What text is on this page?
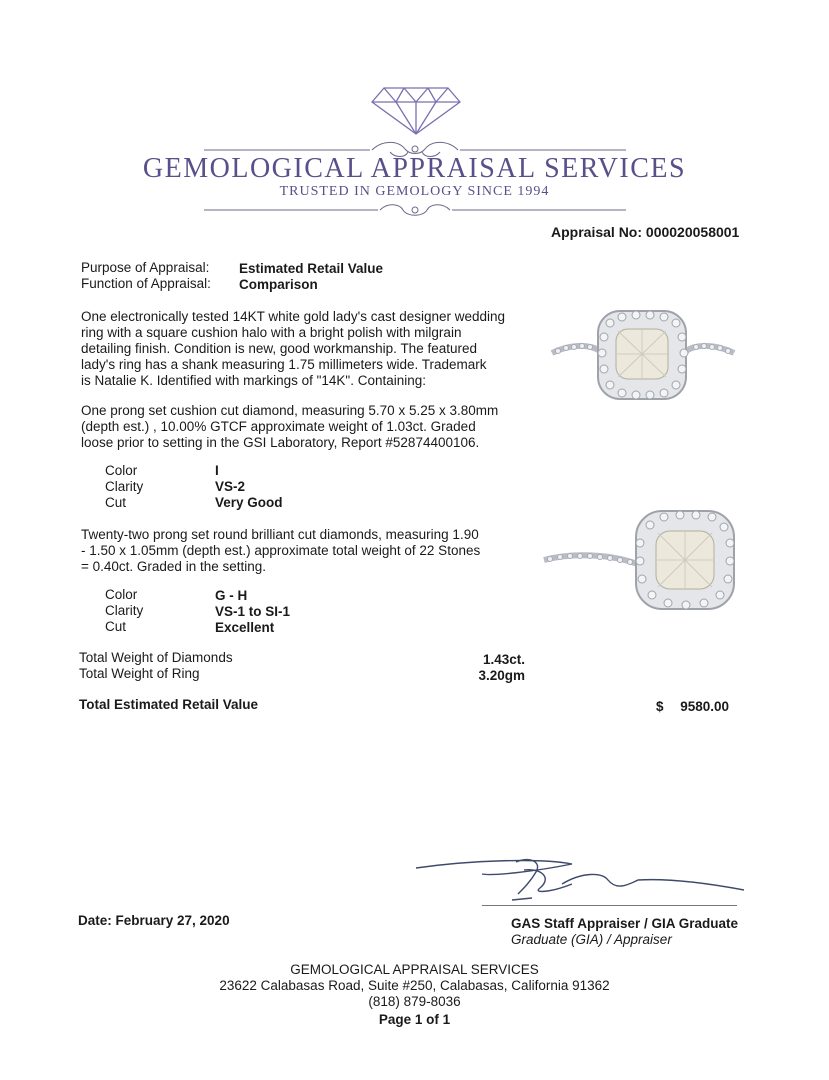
GEMOLOGICAL APPRAISAL SERVICES
TRUSTED IN GEMOLOGY SINCE 1994
Appraisal No: 000020058001
Purpose of Appraisal: Estimated Retail Value
Function of Appraisal: Comparison
One electronically tested 14KT white gold lady's cast designer wedding
ring with a square cushion halo with a bright polish with milgrain
detailing finish. Condition is new, good workmanship. The featured
lady's ring has a shank measuring 1.75 millimeters wide. Trademark
is Natalie K. Identified with markings of "14K". Containing:
One prong set cushion cut diamond, measuring 5.70 x 5.25 x 3.80mm
(depth est.) , 10.00% GTCF approximate weight of 1.03ct. Graded
loose prior to setting in the GSI Laboratory, Report #52874400106.
Color	I
Clarity	VS-2
Cut	Very Good
Twenty-two prong set round brilliant cut diamonds, measuring 1.90
- 1.50 x 1.05mm (depth est.) approximate total weight of 22 Stones
= 0.40ct. Graded in the setting.
Color	G - H
Clarity	VS-1 to SI-1
Cut	Excellent
Total Weight of Diamonds	1.43ct.
Total Weight of Ring	3.20gm
Total Estimated Retail Value	$	9580.00
Date: February 27, 2020	GAS Staff Appraiser / GIA Graduate
Graduate (GIA) / Appraiser
GEMOLOGICAL APPRAISAL SERVICES
23622 Calabasas Road, Suite #250, Calabasas, California 91362
(818) 879-8036
Page 1 of 1
